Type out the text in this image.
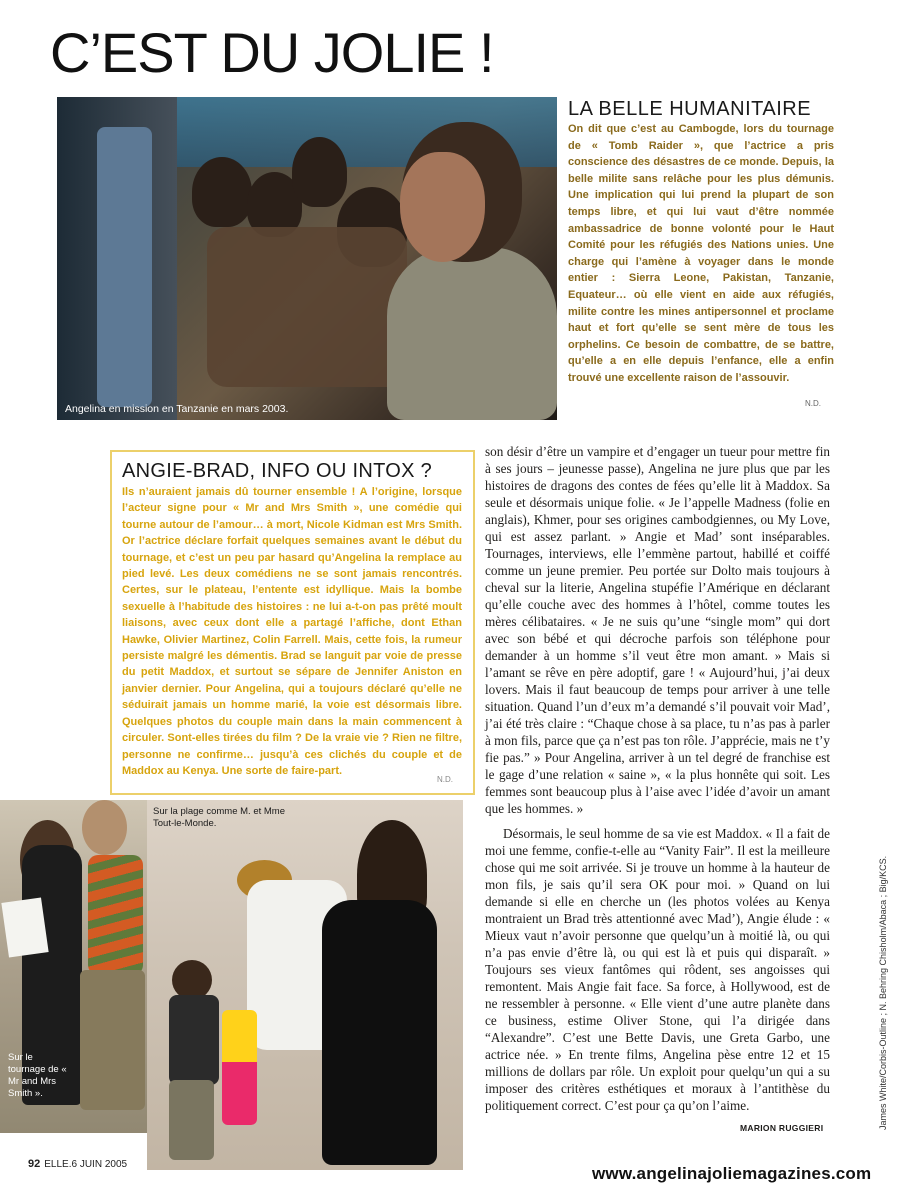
C’EST DU JOLIE !
Angelina en mission en Tanzanie en mars 2003.
LA BELLE HUMANITAIRE
On dit que c’est au Cambogde, lors du tournage de « Tomb Raider », que l’actrice a pris conscience des désastres de ce monde. Depuis, la belle milite sans relâche pour les plus démunis. Une implication qui lui prend la plupart de son temps libre, et qui lui vaut d’être nommée ambassadrice de bonne volonté pour le Haut Comité pour les réfugiés des Nations unies. Une charge qui l’amène à voyager dans le monde entier : Sierra Leone, Pakistan, Tanzanie, Equateur… où elle vient en aide aux réfugiés, milite contre les mines antipersonnel et proclame haut et fort qu’elle se sent mère de tous les orphelins. Ce besoin de combattre, de se battre, qu’elle a en elle depuis l’enfance, elle a enfin trouvé une excellente raison de l’assouvir.
N.D.
ANGIE-BRAD, INFO OU INTOX ?
Ils n’auraient jamais dû tourner ensemble ! A l’origine, lorsque l’acteur signe pour « Mr and Mrs Smith », une comédie qui tourne autour de l’amour… à mort, Nicole Kidman est Mrs Smith. Or l’actrice déclare forfait quelques semaines avant le début du tournage, et c’est un peu par hasard qu’Angelina la remplace au pied levé. Les deux comédiens ne se sont jamais rencontrés. Certes, sur le plateau, l’entente est idyllique. Mais la bombe sexuelle à l’habitude des histoires : ne lui a-t-on pas prêté moult liaisons, avec ceux dont elle a partagé l’affiche, dont Ethan Hawke, Olivier Martinez, Colin Farrell. Mais, cette fois, la rumeur persiste malgré les démentis. Brad se languit par voie de presse du petit Maddox, et surtout se sépare de Jennifer Aniston en janvier dernier. Pour Angelina, qui a toujours déclaré qu’elle ne séduirait jamais un homme marié, la voie est désormais libre. Quelques photos du couple main dans la main commencent à circuler. Sont-elles tirées du film ? De la vraie vie ? Rien ne filtre, personne ne confirme… jusqu’à ces clichés du couple et de Maddox au Kenya. Une sorte de faire-part.
N.D.

son désir d’être un vampire et d’engager un tueur pour mettre fin à ses jours – jeunesse passe), Angelina ne jure plus que par les histoires de dragons des contes de fées qu’elle lit à Maddox. Sa seule et désormais unique folie. « Je l’appelle Madness (folie en anglais), Khmer, pour ses origines cambodgiennes, ou My Love, qui est assez parlant. » Angie et Mad’ sont inséparables. Tournages, interviews, elle l’emmène partout, habillé et coiffé comme un jeune premier. Peu portée sur Dolto mais toujours à cheval sur la literie, Angelina stupéfie l’Amérique en déclarant qu’elle couche avec des hommes à l’hôtel, comme toutes les mères célibataires. « Je ne suis qu’une “single mom” qui dort avec son bébé et qui décroche parfois son téléphone pour demander à un homme s’il veut être mon amant. » Mais si l’amant se rêve en père adoptif, gare ! « Aujourd’hui, j’ai deux lovers. Mais il faut beaucoup de temps pour arriver à une telle situation. Quand l’un d’eux m’a demandé s’il pouvait voir Mad’, j’ai été très claire : “Chaque chose à sa place, tu n’as pas à parler à mon fils, parce que ça n’est pas ton rôle. J’apprécie, mais ne t’y fie pas.” » Pour Angelina, arriver à un tel degré de franchise est le gage d’une relation « saine », « la plus honnête qui soit. Les femmes sont beaucoup plus à l’aise avec l’idée d’avoir un amant que les hommes. »

Désormais, le seul homme de sa vie est Maddox. « Il a fait de moi une femme, confie-t-elle au “Vanity Fair”. Il est la meilleure chose qui me soit arrivée. Si je trouve un homme à la hauteur de mon fils, je sais qu’il sera OK pour moi. » Quand on lui demande si elle en cherche un (les photos volées au Kenya montraient un Brad très attentionné avec Mad’), Angie élude : « Mieux vaut n’avoir personne que quelqu’un à moitié là, ou qui n’a pas envie d’être là, ou qui est là et puis qui disparaît. » Toujours ses vieux fantômes qui rôdent, ses angoisses qui remontent. Mais Angie fait face. Sa force, à Hollywood, est de ne ressembler à personne. « Elle vient d’une autre planète dans ce business, estime Oliver Stone, qui l’a dirigée dans “Alexandre”. C’est une Bette Davis, une Greta Garbo, une actrice née. » En trente films, Angelina pèse entre 12 et 15 millions de dollars par rôle. Un exploit pour quelqu’un qui a su imposer des critères esthétiques et moraux à l’antithèse du politiquement correct. C’est pour ça qu’on l’aime.

MARION RUGGIERI	James White/Corbis-Outline ; N. Behring Chisholm/Abaca ; Big/KCS.
Sur la plage comme M. et Mme Tout-le-Monde.
Sur le tournage de « Mr and Mrs Smith ».
92 ELLE.6 JUIN 2005	www.angelinajoliemagazines.com
